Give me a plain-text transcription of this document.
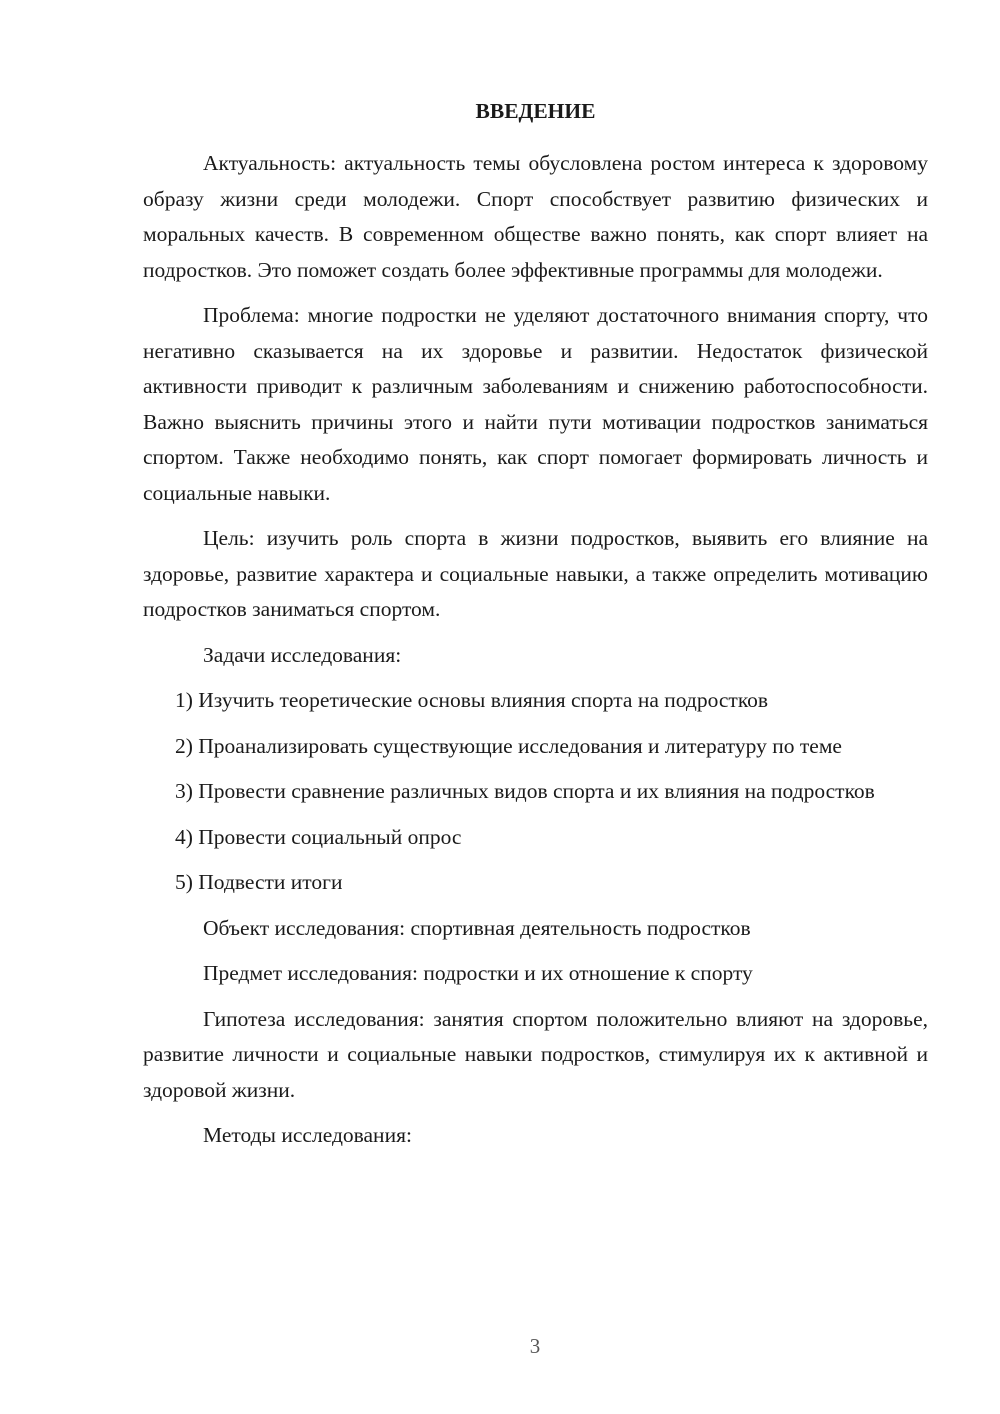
ВВЕДЕНИЕ

Актуальность: актуальность темы обусловлена ростом интереса к здоровому образу жизни среди молодежи. Спорт способствует развитию физических и моральных качеств. В современном обществе важно понять, как спорт влияет на подростков. Это поможет создать более эффективные программы для молодежи.

Проблема: многие подростки не уделяют достаточного внимания спорту, что негативно сказывается на их здоровье и развитии. Недостаток физической активности приводит к различным заболеваниям и снижению работоспособности. Важно выяснить причины этого и найти пути мотивации подростков заниматься спортом. Также необходимо понять, как спорт помогает формировать личность и социальные навыки.

Цель: изучить роль спорта в жизни подростков, выявить его влияние на здоровье, развитие характера и социальные навыки, а также определить мотивацию подростков заниматься спортом.

Задачи исследования:

1) Изучить теоретические основы влияния спорта на подростков

2) Проанализировать существующие исследования и литературу по теме

3) Провести сравнение различных видов спорта и их влияния на подростков

4) Провести социальный опрос

5) Подвести итоги

Объект исследования: спортивная деятельность подростков

Предмет исследования: подростки и их отношение к спорту

Гипотеза исследования: занятия спортом положительно влияют на здоровье, развитие личности и социальные навыки подростков, стимулируя их к активной и здоровой жизни.

Методы исследования:

3
